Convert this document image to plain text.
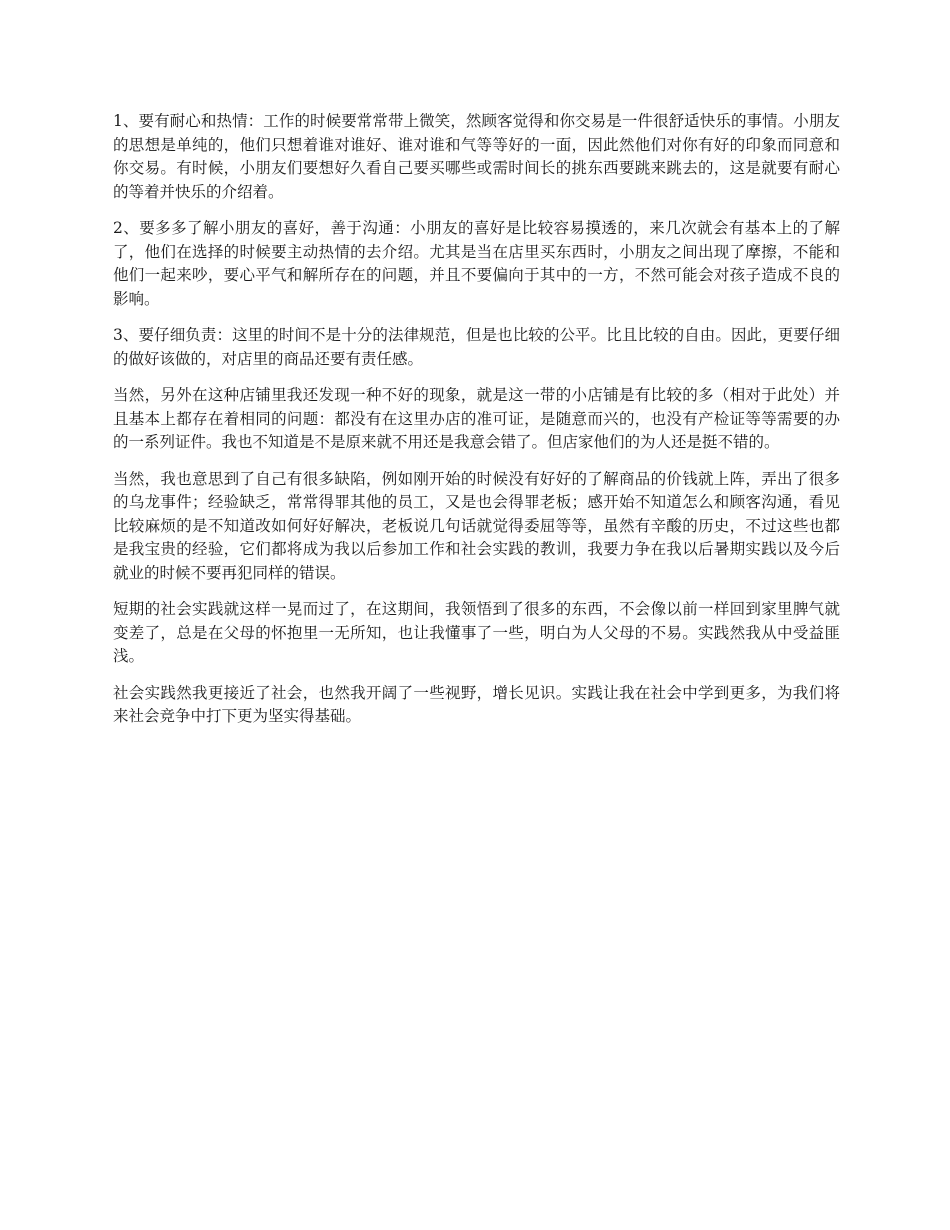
1、要有耐心和热情：工作的时候要常常带上微笑，然顾客觉得和你交易是一件很舒适快乐的事情。小朋友的思想是单纯的，他们只想着谁对谁好、谁对谁和气等等好的一面，因此然他们对你有好的印象而同意和你交易。有时候，小朋友们要想好久看自己要买哪些或需时间长的挑东西要跳来跳去的，这是就要有耐心的等着并快乐的介绍着。

2、要多多了解小朋友的喜好，善于沟通：小朋友的喜好是比较容易摸透的，来几次就会有基本上的了解了，他们在选择的时候要主动热情的去介绍。尤其是当在店里买东西时，小朋友之间出现了摩擦，不能和他们一起来吵，要心平气和解所存在的问题，并且不要偏向于其中的一方，不然可能会对孩子造成不良的影响。

3、要仔细负责：这里的时间不是十分的法律规范，但是也比较的公平。比且比较的自由。因此，更要仔细的做好该做的，对店里的商品还要有责任感。

当然，另外在这种店铺里我还发现一种不好的现象，就是这一带的小店铺是有比较的多（相对于此处）并且基本上都存在着相同的问题：都没有在这里办店的准可证，是随意而兴的，也没有产检证等等需要的办的一系列证件。我也不知道是不是原来就不用还是我意会错了。但店家他们的为人还是挺不错的。

当然，我也意思到了自己有很多缺陷，例如刚开始的时候没有好好的了解商品的价钱就上阵，弄出了很多的乌龙事件；经验缺乏，常常得罪其他的员工，又是也会得罪老板；感开始不知道怎么和顾客沟通，看见比较麻烦的是不知道改如何好好解决，老板说几句话就觉得委屈等等，虽然有辛酸的历史，不过这些也都是我宝贵的经验，它们都将成为我以后参加工作和社会实践的教训，我要力争在我以后暑期实践以及今后就业的时候不要再犯同样的错误。

短期的社会实践就这样一晃而过了，在这期间，我领悟到了很多的东西，不会像以前一样回到家里脾气就变差了，总是在父母的怀抱里一无所知，也让我懂事了一些，明白为人父母的不易。实践然我从中受益匪浅。

社会实践然我更接近了社会，也然我开阔了一些视野，增长见识。实践让我在社会中学到更多，为我们将来社会竞争中打下更为坚实得基础。
